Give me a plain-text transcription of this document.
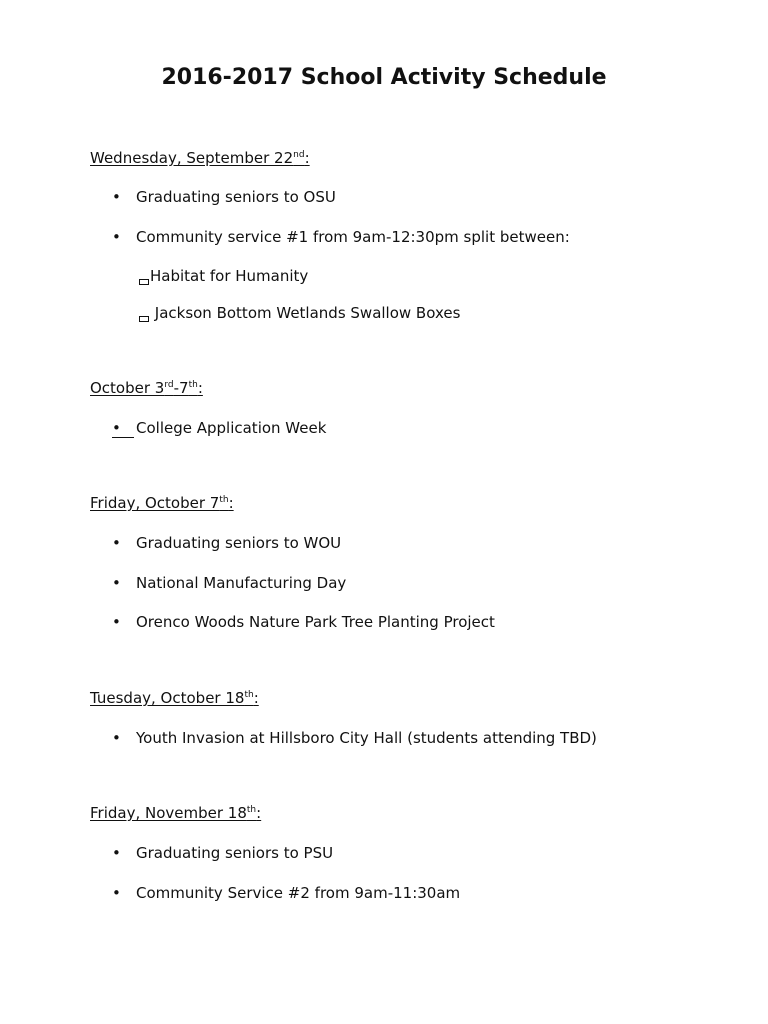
2016-2017 School Activity Schedule
Wednesday, September 22nd:
• Graduating seniors to OSU
• Community service #1 from 9am-12:30pm split between:
Habitat for Humanity
Jackson Bottom Wetlands Swallow Boxes
October 3rd-7th:
• College Application Week
Friday, October 7th:
• Graduating seniors to WOU
• National Manufacturing Day
• Orenco Woods Nature Park Tree Planting Project
Tuesday, October 18th:
• Youth Invasion at Hillsboro City Hall (students attending TBD)
Friday, November 18th:
• Graduating seniors to PSU
• Community Service #2 from 9am-11:30am
